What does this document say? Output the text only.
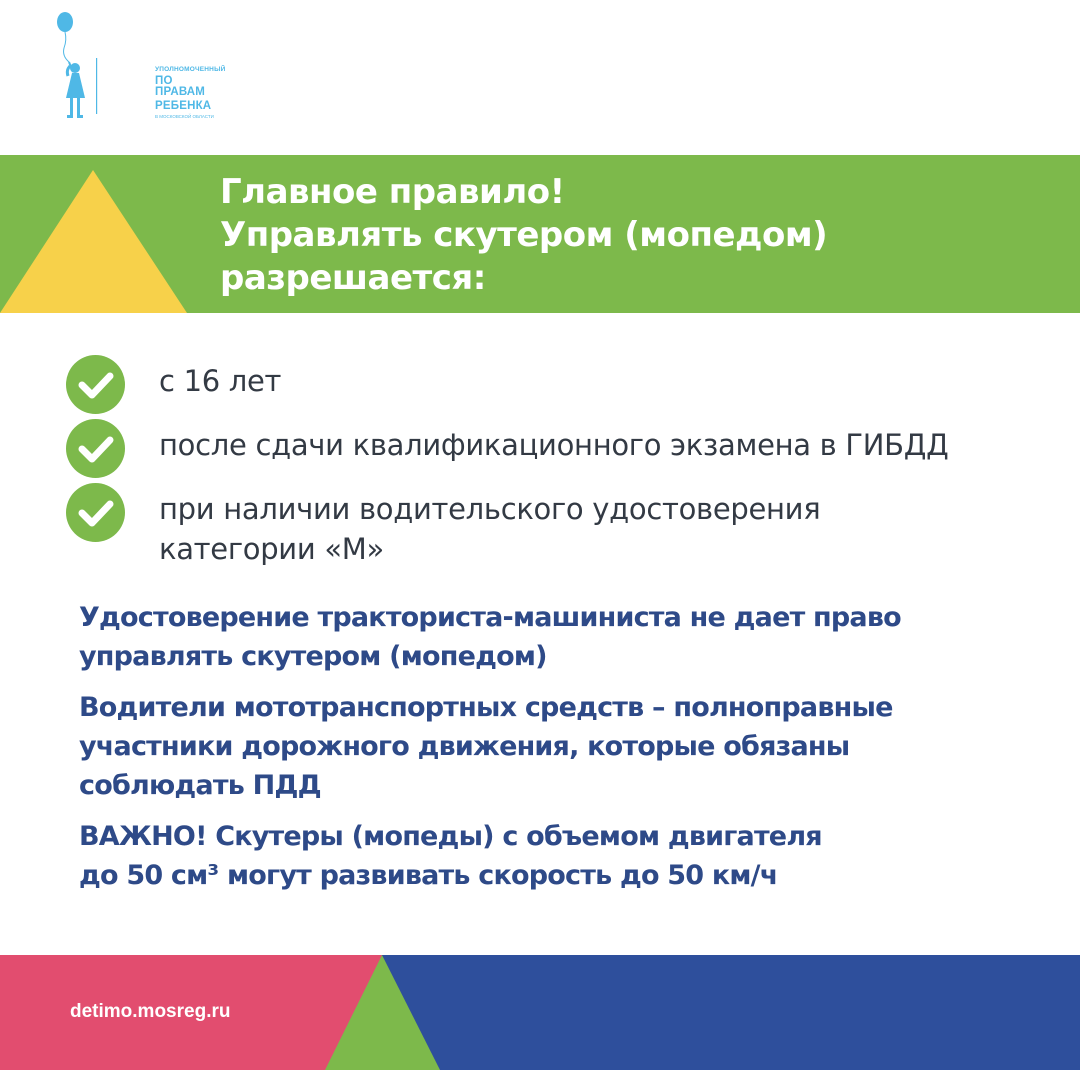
УПОЛНОМОЧЕННЫЙ
ПО ПРАВАМ
РЕБЕНКА
В МОСКОВСКОЙ ОБЛАСТИ
Главное правило!
Управлять скутером (мопедом)
разрешается:
с 16 лет
после сдачи квалификационного экзамена в ГИБДД
при наличии водительского удостоверения
категории «М»
Удостоверение тракториста-машиниста не дает право
управлять скутером (мопедом)
Водители мототранспортных средств – полноправные
участники дорожного движения, которые обязаны
соблюдать ПДД
ВАЖНО! Скутеры (мопеды) с объемом двигателя
до 50 см³ могут развивать скорость до 50 км/ч
detimo.mosreg.ru
